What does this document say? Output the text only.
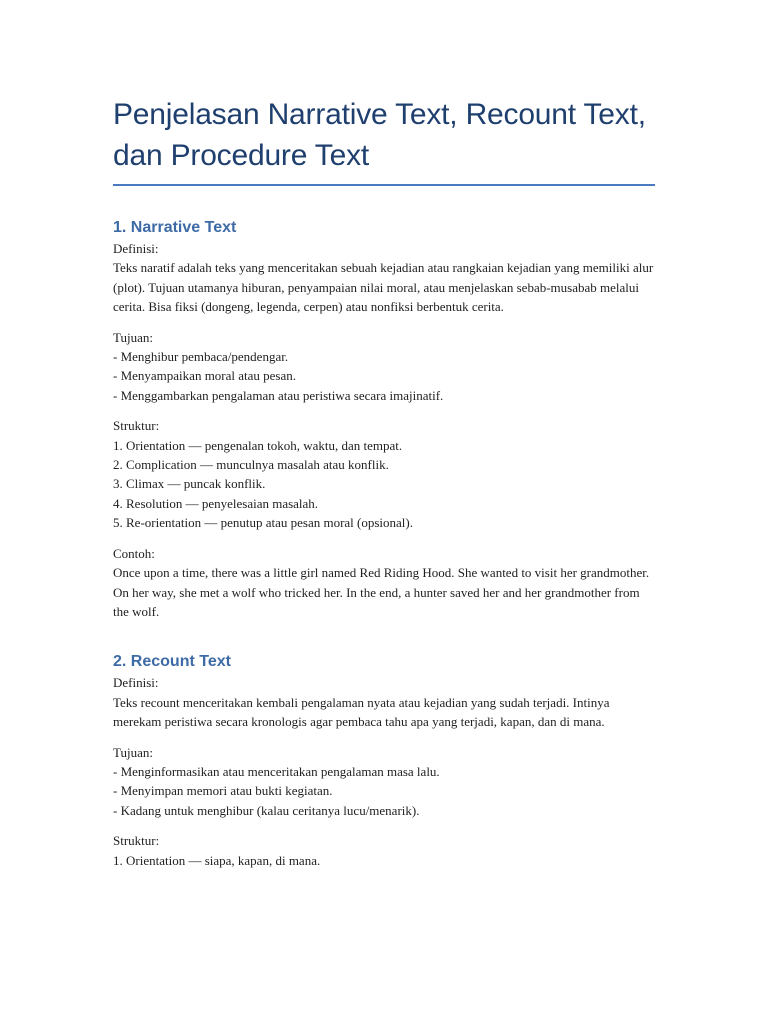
Penjelasan Narrative Text, Recount Text,
dan Procedure Text
1. Narrative Text

Definisi:

Teks naratif adalah teks yang menceritakan sebuah kejadian atau rangkaian kejadian yang memiliki alur (plot). Tujuan utamanya hiburan, penyampaian nilai moral, atau menjelaskan sebab-musabab melalui cerita. Bisa fiksi (dongeng, legenda, cerpen) atau nonfiksi berbentuk cerita.

Tujuan:

- Menghibur pembaca/pendengar.
- Menyampaikan moral atau pesan.
- Menggambarkan pengalaman atau peristiwa secara imajinatif.

Struktur:

1. Orientation — pengenalan tokoh, waktu, dan tempat.
2. Complication — munculnya masalah atau konflik.
3. Climax — puncak konflik.
4. Resolution — penyelesaian masalah.
5. Re-orientation — penutup atau pesan moral (opsional).

Contoh:

Once upon a time, there was a little girl named Red Riding Hood. She wanted to visit her grandmother. On her way, she met a wolf who tricked her. In the end, a hunter saved her and her grandmother from the wolf.

2. Recount Text

Definisi:

Teks recount menceritakan kembali pengalaman nyata atau kejadian yang sudah terjadi. Intinya merekam peristiwa secara kronologis agar pembaca tahu apa yang terjadi, kapan, dan di mana.

Tujuan:

- Menginformasikan atau menceritakan pengalaman masa lalu.
- Menyimpan memori atau bukti kegiatan.
- Kadang untuk menghibur (kalau ceritanya lucu/menarik).

Struktur:

1. Orientation — siapa, kapan, di mana.
